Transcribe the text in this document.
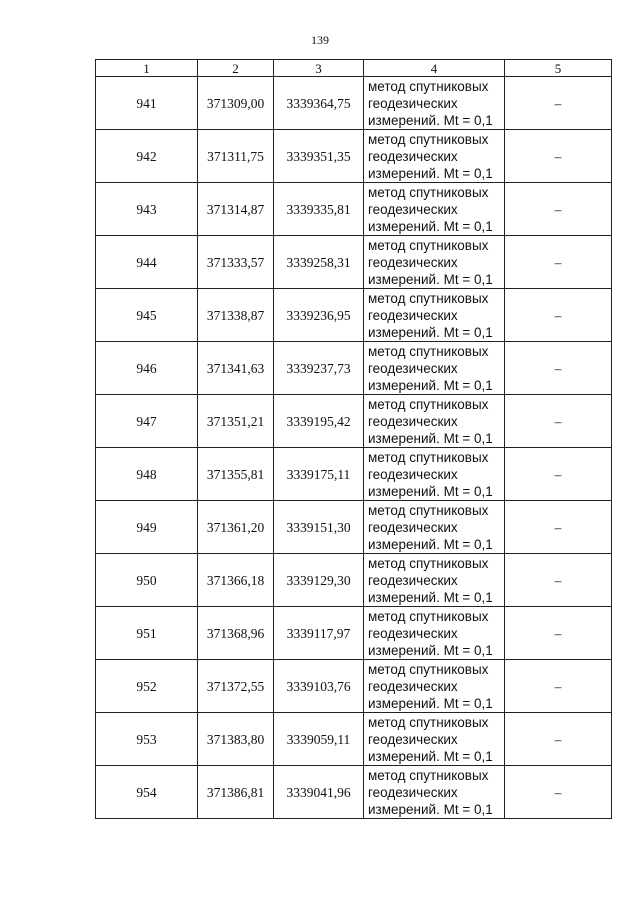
139
1	2	3	4	5
941	371309,00	3339364,75	метод спутниковых
геодезических
измерений. Mt = 0,1	–
942	371311,75	3339351,35	метод спутниковых
геодезических
измерений. Mt = 0,1	–
943	371314,87	3339335,81	метод спутниковых
геодезических
измерений. Mt = 0,1	–
944	371333,57	3339258,31	метод спутниковых
геодезических
измерений. Mt = 0,1	–
945	371338,87	3339236,95	метод спутниковых
геодезических
измерений. Mt = 0,1	–
946	371341,63	3339237,73	метод спутниковых
геодезических
измерений. Mt = 0,1	–
947	371351,21	3339195,42	метод спутниковых
геодезических
измерений. Mt = 0,1	–
948	371355,81	3339175,11	метод спутниковых
геодезических
измерений. Mt = 0,1	–
949	371361,20	3339151,30	метод спутниковых
геодезических
измерений. Mt = 0,1	–
950	371366,18	3339129,30	метод спутниковых
геодезических
измерений. Mt = 0,1	–
951	371368,96	3339117,97	метод спутниковых
геодезических
измерений. Mt = 0,1	–
952	371372,55	3339103,76	метод спутниковых
геодезических
измерений. Mt = 0,1	–
953	371383,80	3339059,11	метод спутниковых
геодезических
измерений. Mt = 0,1	–
954	371386,81	3339041,96	метод спутниковых
геодезических
измерений. Mt = 0,1	–
